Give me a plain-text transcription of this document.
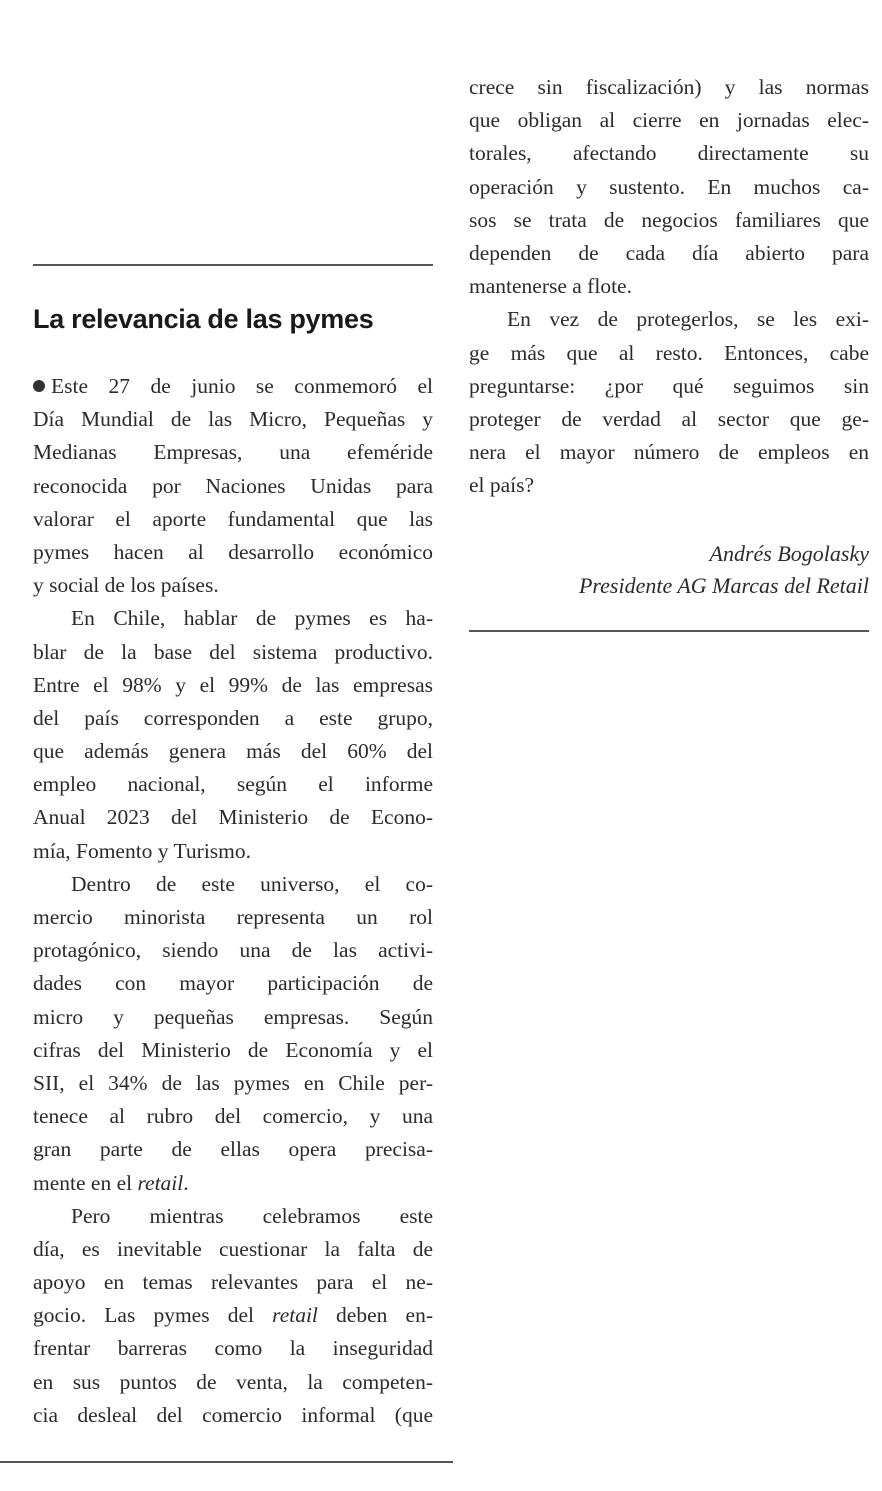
La relevancia de las pymes
Este 27 de junio se conmemoró el
Día Mundial de las Micro, Pequeñas y
Medianas Empresas, una efeméride
reconocida por Naciones Unidas para
valorar el aporte fundamental que las
pymes hacen al desarrollo económico
y social de los países.
En Chile, hablar de pymes es ha-
blar de la base del sistema productivo.
Entre el 98% y el 99% de las empresas
del país corresponden a este grupo,
que además genera más del 60% del
empleo nacional, según el informe
Anual 2023 del Ministerio de Econo-
mía, Fomento y Turismo.
Dentro de este universo, el co-
mercio minorista representa un rol
protagónico, siendo una de las activi-
dades con mayor participación de
micro y pequeñas empresas. Según
cifras del Ministerio de Economía y el
SII, el 34% de las pymes en Chile per-
tenece al rubro del comercio, y una
gran parte de ellas opera precisa-
mente en el retail.
Pero mientras celebramos este
día, es inevitable cuestionar la falta de
apoyo en temas relevantes para el ne-
gocio. Las pymes del retail deben en-
frentar barreras como la inseguridad
en sus puntos de venta, la competen-
cia desleal del comercio informal (que
crece sin fiscalización) y las normas
que obligan al cierre en jornadas elec-
torales, afectando directamente su
operación y sustento. En muchos ca-
sos se trata de negocios familiares que
dependen de cada día abierto para
mantenerse a flote.
En vez de protegerlos, se les exi-
ge más que al resto. Entonces, cabe
preguntarse: ¿por qué seguimos sin
proteger de verdad al sector que ge-
nera el mayor número de empleos en
el país?
Andrés Bogolasky
Presidente AG Marcas del Retail
